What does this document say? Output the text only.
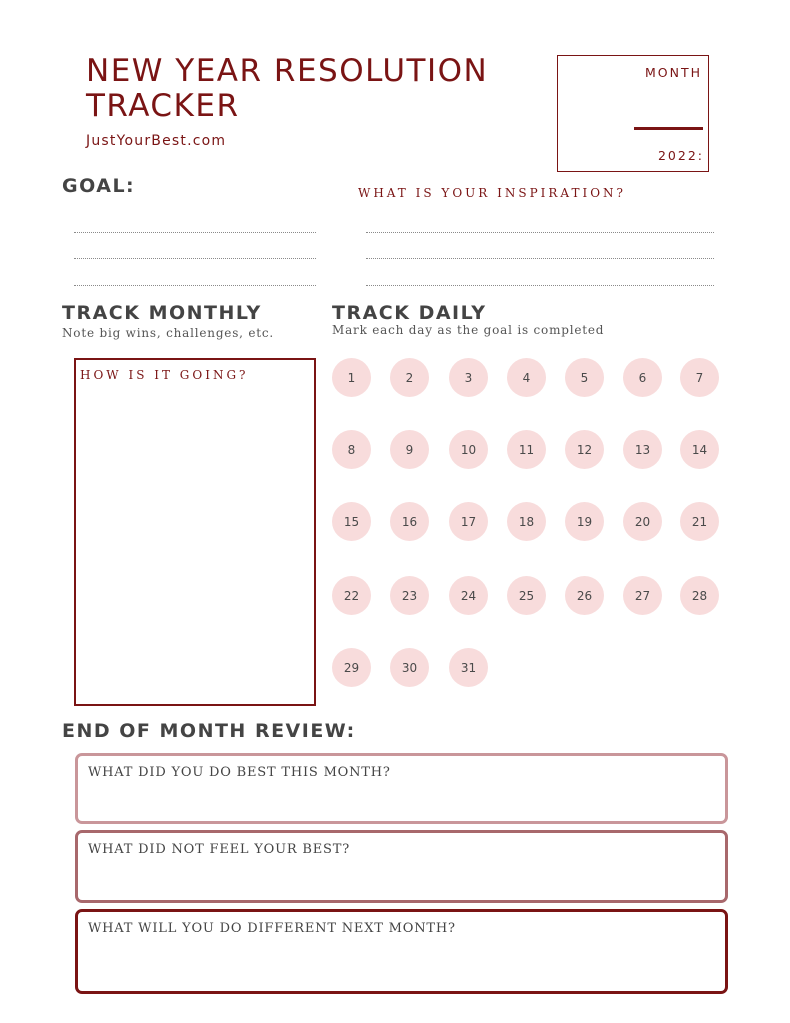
NEW YEAR RESOLUTION
TRACKER
JustYourBest.com
MONTH
2022:
GOAL:	WHAT IS YOUR INSPIRATION?
TRACK MONTHLY
Note big wins, challenges, etc.
HOW IS IT GOING?
TRACK DAILY
Mark each day as the goal is completed
1	2	3	4	5	6	7
8	9	10	11	12	13	14
15	16	17	18	19	20	21
22	23	24	25	26	27	28
29	30	31
END OF MONTH REVIEW:
WHAT DID YOU DO BEST THIS MONTH?
WHAT DID NOT FEEL YOUR BEST?
WHAT WILL YOU DO DIFFERENT NEXT MONTH?
